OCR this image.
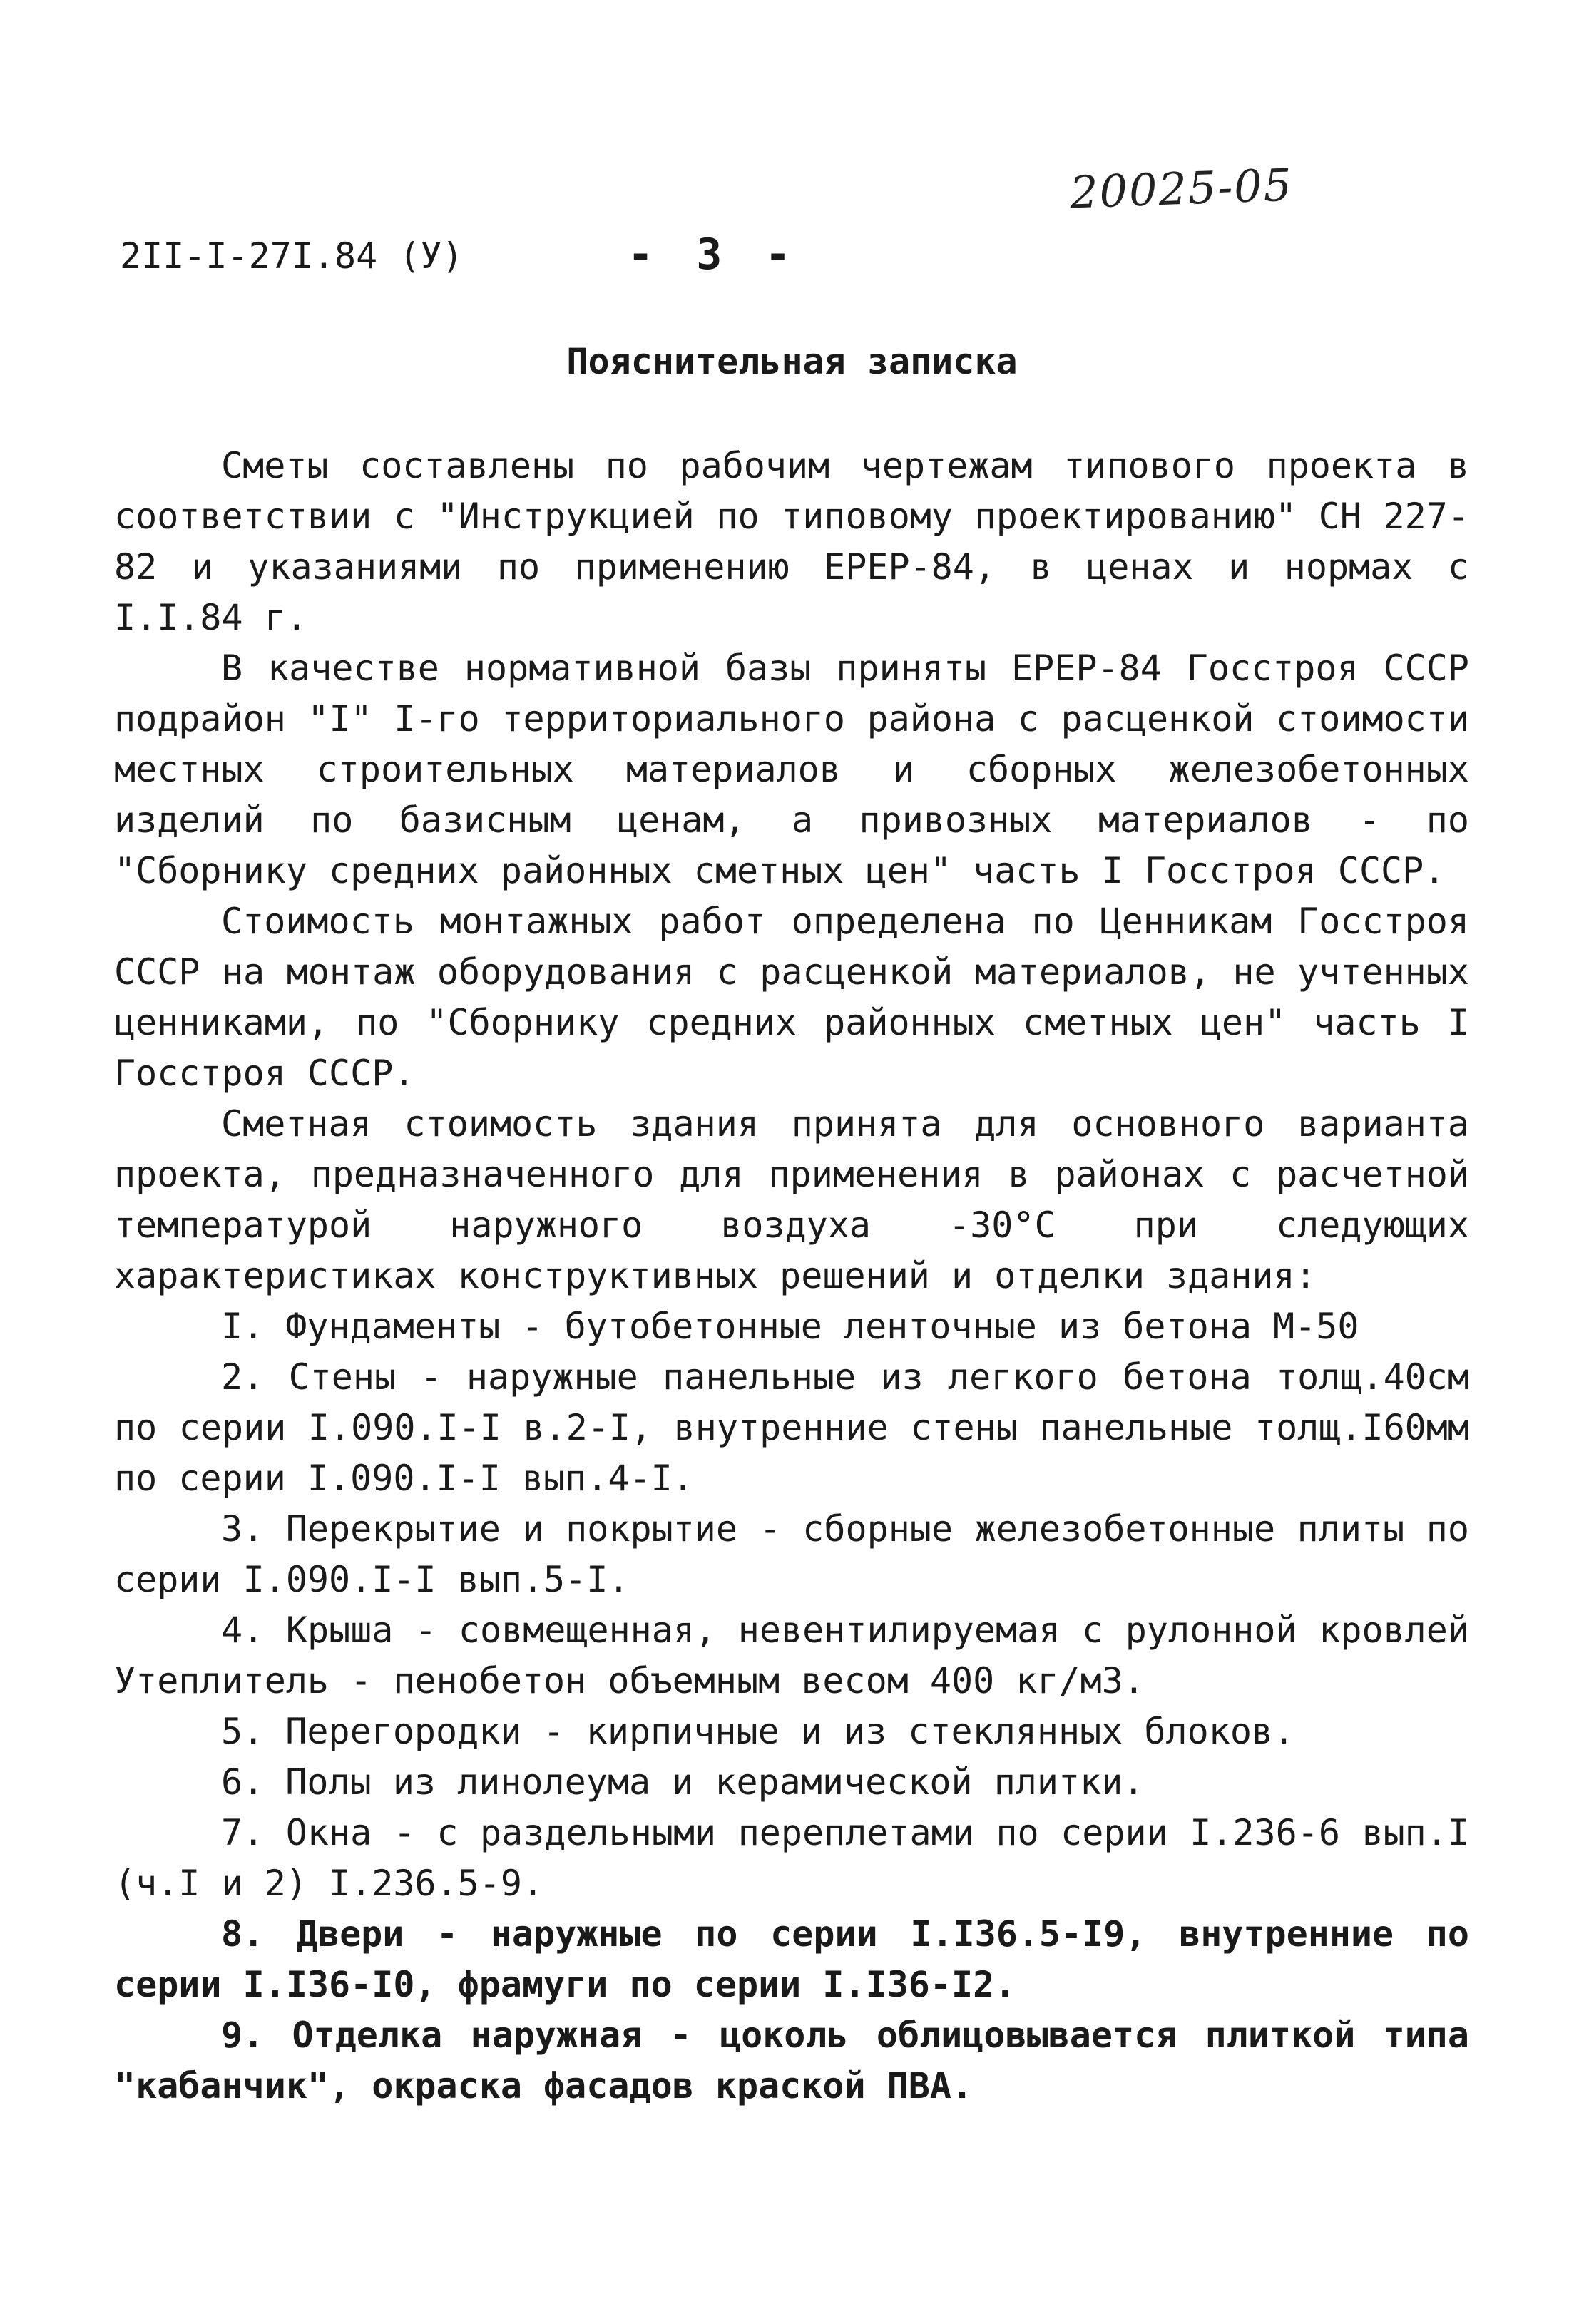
20025-05
2II-I-27I.84 (У)	- 3 -
Пояснительная записка

Сметы составлены по рабочим чертежам типового проекта в соответствии с "Инструкцией по типовому проектированию" СН 227-82 и указаниями по применению ЕРЕР-84, в ценах и нормах с I.I.84 г.

В качестве нормативной базы приняты ЕРЕР-84 Госстроя СССР подрайон "I" I-го территориального района с расценкой стоимости местных строительных материалов и сборных железобетонных изделий по базисным ценам, а привозных материалов - по "Сборнику средних районных сметных цен" часть I Госстроя СССР.

Стоимость монтажных работ определена по Ценникам Госстроя СССР на монтаж оборудования с расценкой материалов, не учтенных ценниками, по "Сборнику средних районных сметных цен" часть I Госстроя СССР.

Сметная стоимость здания принята для основного варианта проекта, предназначенного для применения в районах с расчетной температурой наружного воздуха -30°С при следующих характеристиках конструктивных решений и отделки здания:

I. Фундаменты - бутобетонные ленточные из бетона М-50

2. Стены - наружные панельные из легкого бетона толщ.40см по серии I.090.I-I в.2-I, внутренние стены панельные толщ.I60мм по серии I.090.I-I вып.4-I.

3. Перекрытие и покрытие - сборные железобетонные плиты по серии I.090.I-I вып.5-I.

4. Крыша - совмещенная, невентилируемая с рулонной кровлей Утеплитель - пенобетон объемным весом 400 кг/м3.

5. Перегородки - кирпичные и из стеклянных блоков.

6. Полы из линолеума и керамической плитки.

7. Окна - с раздельными переплетами по серии I.236-6 вып.I (ч.I и 2) I.236.5-9.

8. Двери - наружные по серии I.I36.5-I9, внутренние по серии I.I36-I0, фрамуги по серии I.I36-I2.

9. Отделка наружная - цоколь облицовывается плиткой типа "кабанчик", окраска фасадов краской ПВА.
